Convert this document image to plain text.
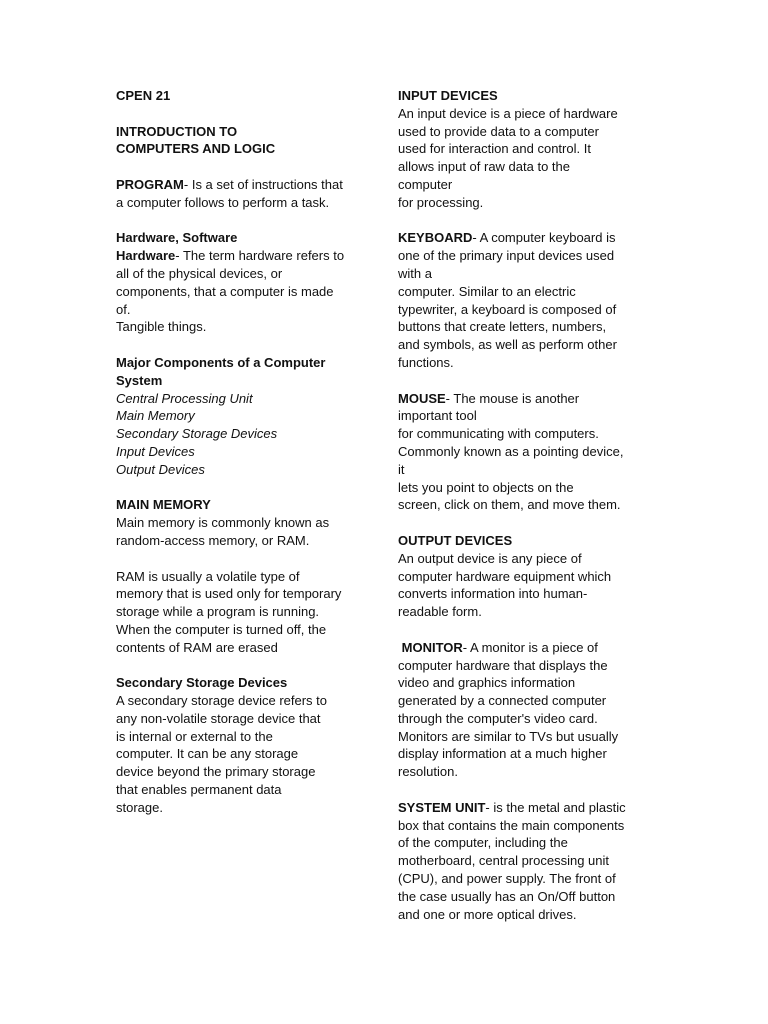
CPEN 21
INTRODUCTION TO
COMPUTERS AND LOGIC
PROGRAM- Is a set of instructions that
a computer follows to perform a task.
Hardware, Software
Hardware- The term hardware refers to
all of the physical devices, or
components, that a computer is made
of.
Tangible things.
Major Components of a Computer
System
Central Processing Unit
Main Memory
Secondary Storage Devices
Input Devices
Output Devices
MAIN MEMORY
Main memory is commonly known as
random-access memory, or RAM.
RAM is usually a volatile type of
memory that is used only for temporary
storage while a program is running.
When the computer is turned off, the
contents of RAM are erased
Secondary Storage Devices
A secondary storage device refers to
any non-volatile storage device that
is internal or external to the
computer. It can be any storage
device beyond the primary storage
that enables permanent data
storage.
INPUT DEVICES
An input device is a piece of hardware
used to provide data to a computer
used for interaction and control. It
allows input of raw data to the
computer
for processing.
KEYBOARD- A computer keyboard is
one of the primary input devices used
with a
computer. Similar to an electric
typewriter, a keyboard is composed of
buttons that create letters, numbers,
and symbols, as well as perform other
functions.
MOUSE- The mouse is another
important tool
for communicating with computers.
Commonly known as a pointing device,
it
lets you point to objects on the
screen, click on them, and move them.
OUTPUT DEVICES
An output device is any piece of
computer hardware equipment which
converts information into human-
readable form.
MONITOR- A monitor is a piece of
computer hardware that displays the
video and graphics information
generated by a connected computer
through the computer's video card.
Monitors are similar to TVs but usually
display information at a much higher
resolution.
SYSTEM UNIT- is the metal and plastic
box that contains the main components
of the computer, including the
motherboard, central processing unit
(CPU), and power supply. The front of
the case usually has an On/Off button
and one or more optical drives.
